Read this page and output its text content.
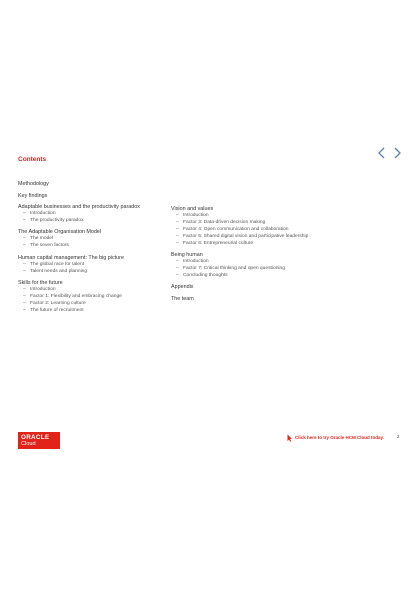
Contents
Methodology
Key findings
Adaptable businesses and the productivity paradox
– Introduction
– The productivity paradox
The Adaptable Organisation Model
– The model
– The seven factors
Human capital management: The big picture
– The global race for talent
– Talent needs and planning
Skills for the future
– Introduction
– Factor 1: Flexibility and embracing change
– Factor 2: Learning culture
– The future of recruitment
Vision and values
– Introduction
– Factor 3: Data-driven decision making
– Factor 4: Open communication and collaboration
– Factor 5: Shared digital vision and participative leadership
– Factor 6: Entrepreneurial culture
Being human
– Introduction
– Factor 7: Critical thinking and open questioning
– Concluding thoughts
Appendix
The team
ORACLE
Cloud
Click here to try Oracle HCM Cloud today.	2
